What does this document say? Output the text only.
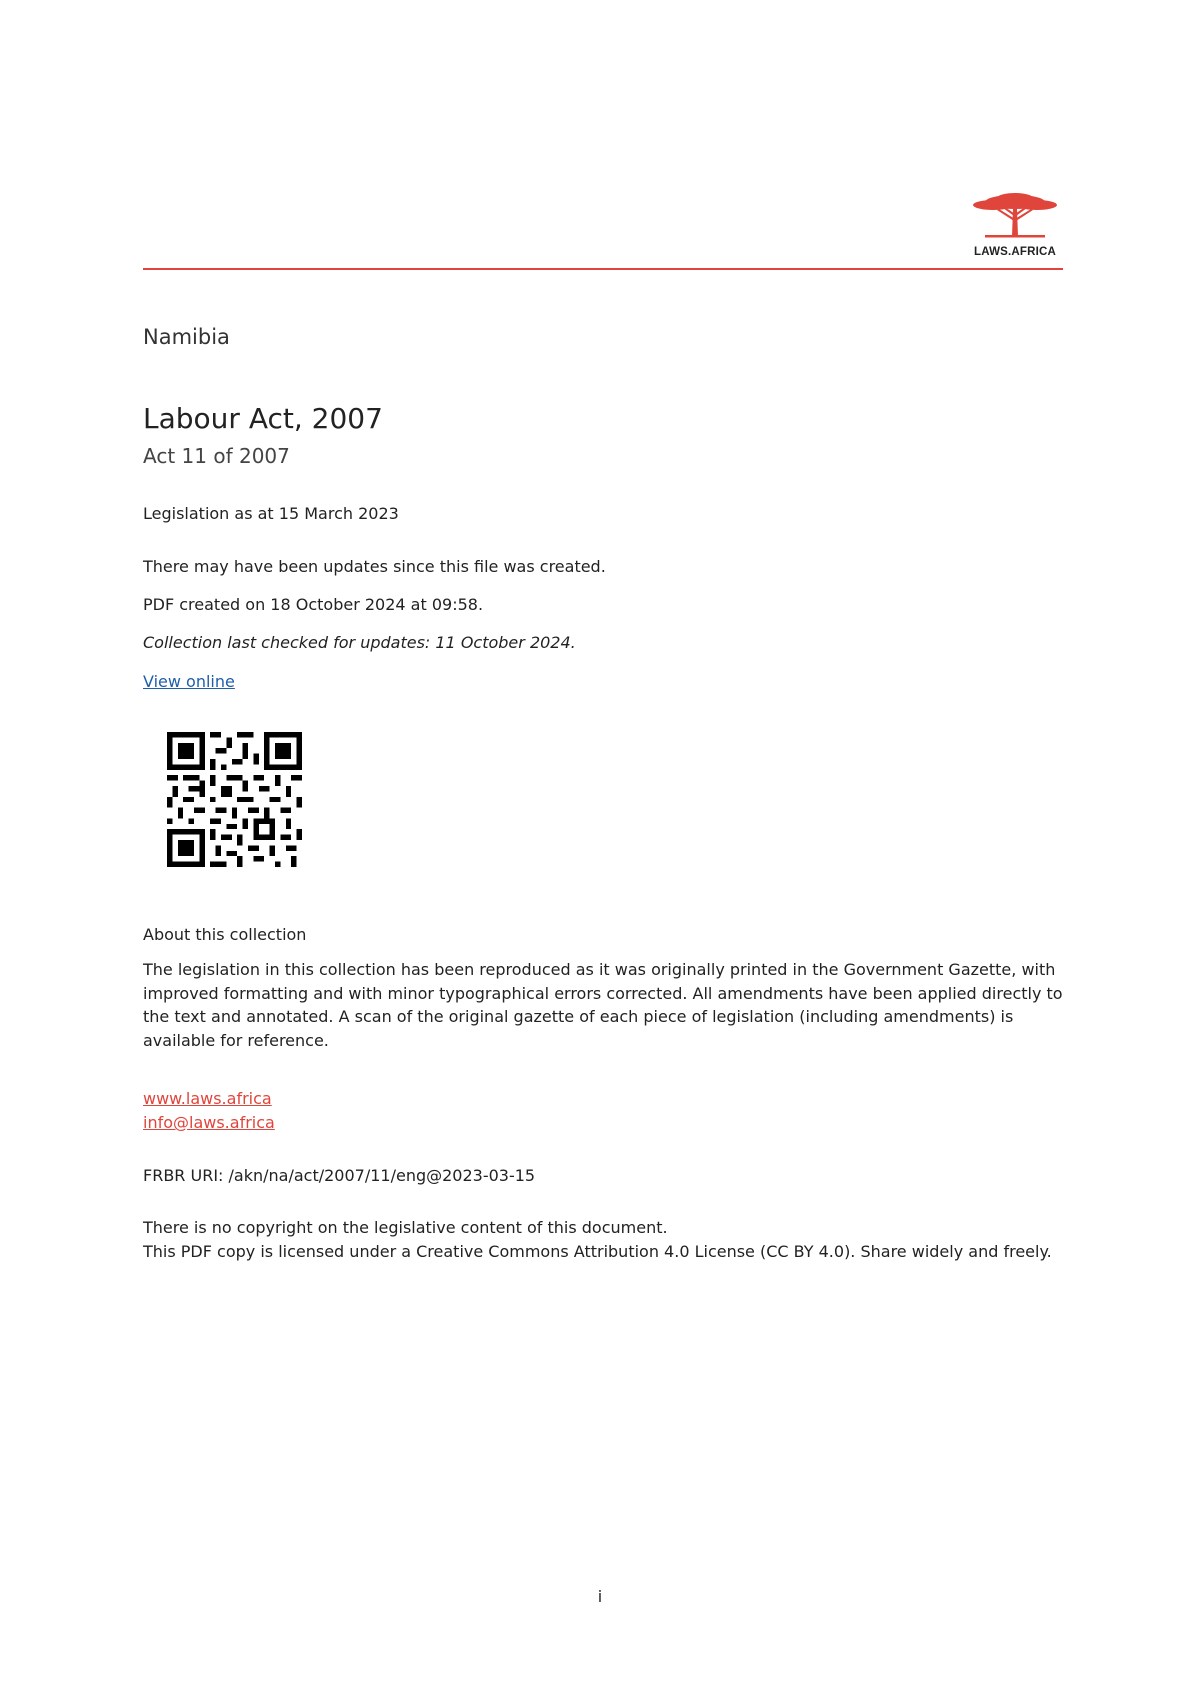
LAWS.AFRICA
Namibia
Labour Act, 2007
Act 11 of 2007
Legislation as at 15 March 2023
There may have been updates since this file was created.
PDF created on 18 October 2024 at 09:58.
Collection last checked for updates: 11 October 2024.
View online
About this collection
The legislation in this collection has been reproduced as it was originally printed in the Government Gazette, with improved formatting and with minor typographical errors corrected. All amendments have been applied directly to the text and annotated. A scan of the original gazette of each piece of legislation (including amendments) is available for reference.
www.laws.africa
info@laws.africa
FRBR URI: /akn/na/act/2007/11/eng@2023-03-15
There is no copyright on the legislative content of this document.
This PDF copy is licensed under a Creative Commons Attribution 4.0 License (CC BY 4.0). Share widely and freely.
i
